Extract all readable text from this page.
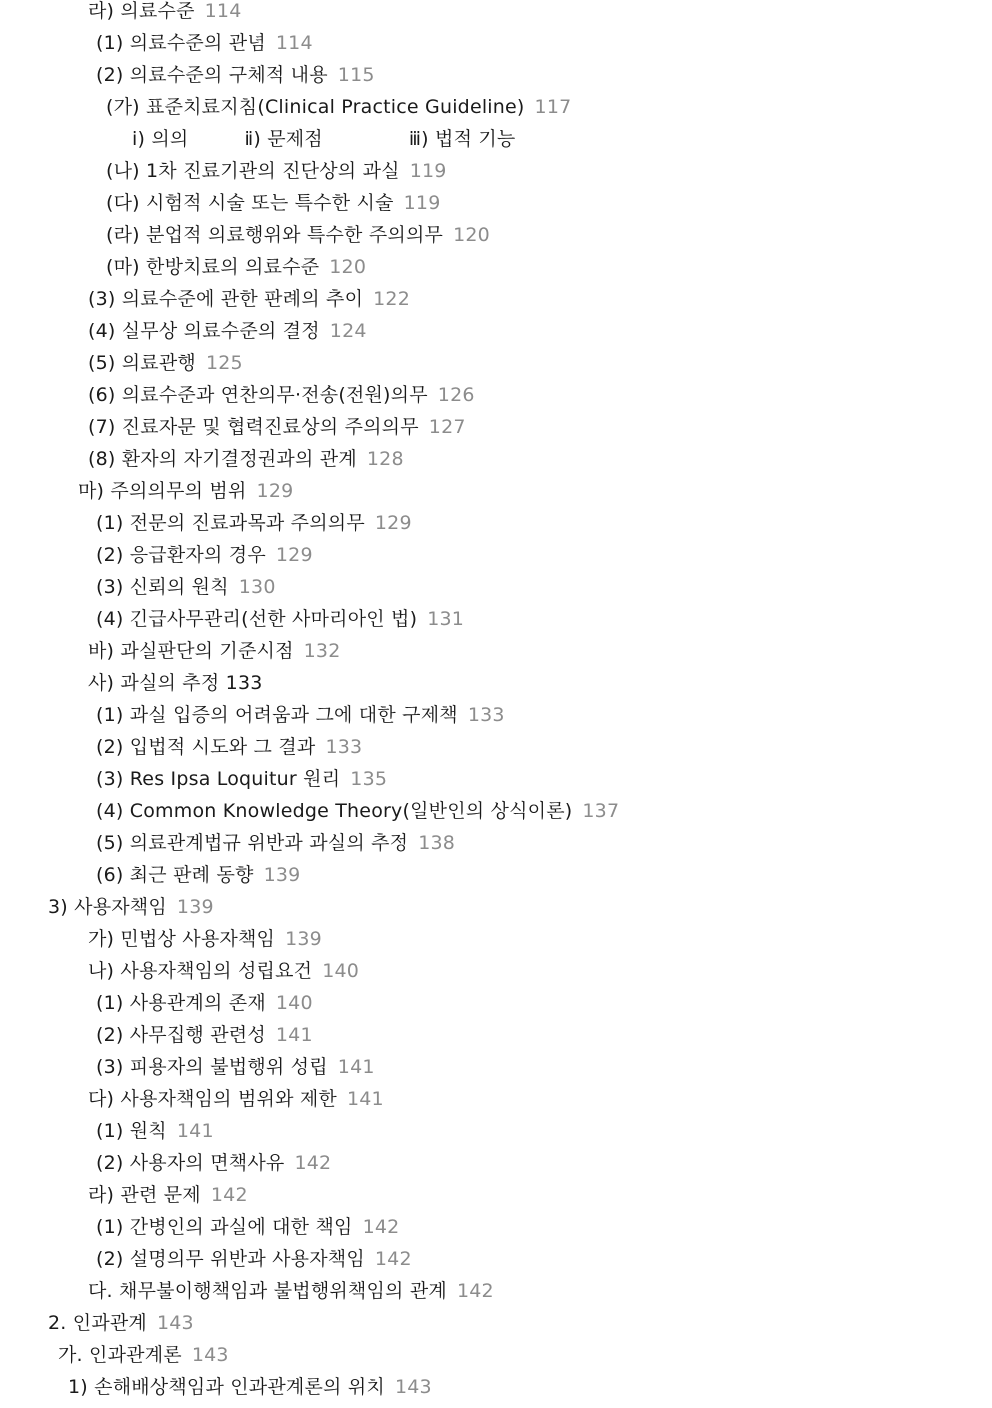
라) 의료수준 114
(1) 의료수준의 관념 114
(2) 의료수준의 구체적 내용 115
(가) 표준치료지침(Clinical Practice Guideline) 117
ⅰ) 의의	ⅱ) 문제점	ⅲ) 법적 기능
(나) 1차 진료기관의 진단상의 과실 119
(다) 시험적 시술 또는 특수한 시술 119
(라) 분업적 의료행위와 특수한 주의의무 120
(마) 한방치료의 의료수준 120
(3) 의료수준에 관한 판례의 추이 122
(4) 실무상 의료수준의 결정 124
(5) 의료관행 125
(6) 의료수준과 연찬의무·전송(전원)의무 126
(7) 진료자문 및 협력진료상의 주의의무 127
(8) 환자의 자기결정권과의 관계 128
마) 주의의무의 범위 129
(1) 전문의 진료과목과 주의의무 129
(2) 응급환자의 경우 129
(3) 신뢰의 원칙 130
(4) 긴급사무관리(선한 사마리아인 법) 131
바) 과실판단의 기준시점 132
사) 과실의 추정 133
(1) 과실 입증의 어려움과 그에 대한 구제책 133
(2) 입법적 시도와 그 결과 133
(3) Res Ipsa Loquitur 원리 135
(4) Common Knowledge Theory(일반인의 상식이론) 137
(5) 의료관계법규 위반과 과실의 추정 138
(6) 최근 판례 동향 139
3) 사용자책임 139
가) 민법상 사용자책임 139
나) 사용자책임의 성립요건 140
(1) 사용관계의 존재 140
(2) 사무집행 관련성 141
(3) 피용자의 불법행위 성립 141
다) 사용자책임의 범위와 제한 141
(1) 원칙 141
(2) 사용자의 면책사유 142
라) 관련 문제 142
(1) 간병인의 과실에 대한 책임 142
(2) 설명의무 위반과 사용자책임 142
다. 채무불이행책임과 불법행위책임의 관계 142
2. 인과관계 143
가. 인과관계론 143
1) 손해배상책임과 인과관계론의 위치 143
